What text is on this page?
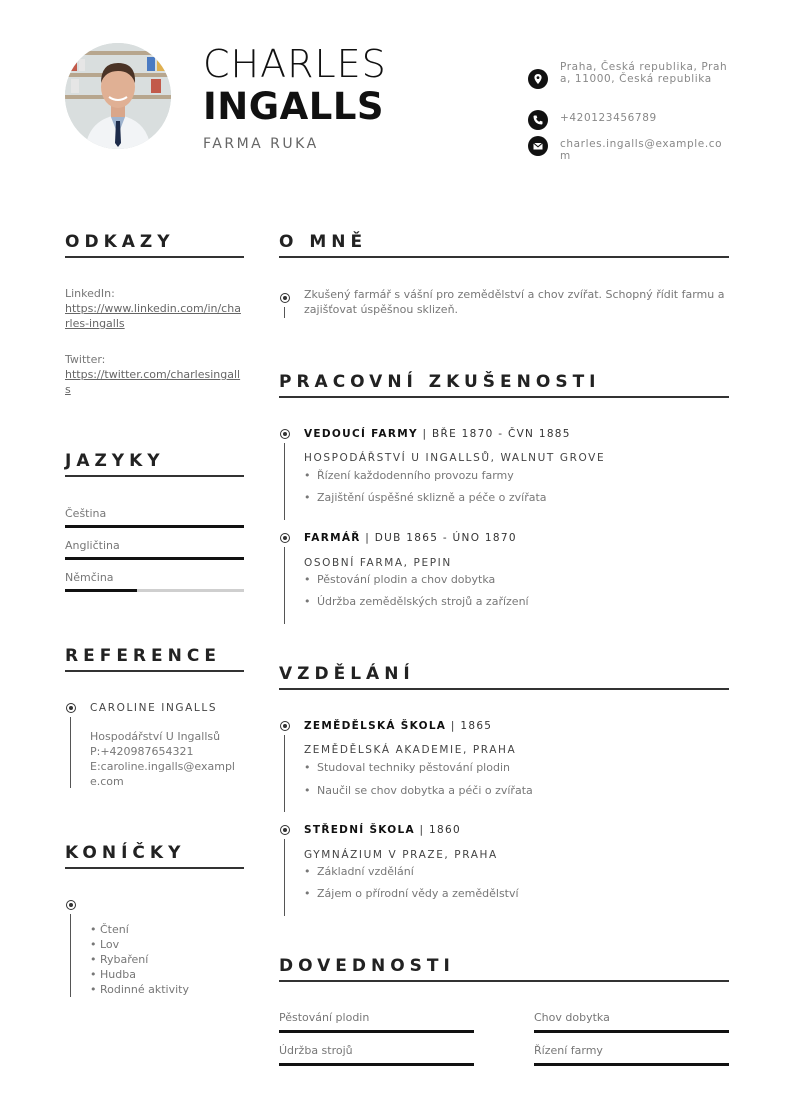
CHARLES
INGALLS
FARMA RUKA
Praha, Česká republika, Praha, 11000, Česká republika
+420123456789
charles.ingalls@example.com
ODKAZY
LinkedIn:
https://www.linkedin.com/in/charles-ingalls
Twitter:
https://twitter.com/charlesingalls
JAZYKY
Čeština
Angličtina
Němčina
REFERENCE
CAROLINE INGALLS
Hospodářství U Ingallsů
P:+420987654321
E:caroline.ingalls@example.com
KONÍČKY
• Čtení
• Lov
• Rybaření
• Hudba
• Rodinné aktivity
O MNĚ
Zkušený farmář s vášní pro zemědělství a chov zvířat. Schopný řídit farmu a zajišťovat úspěšnou sklizeň.
PRACOVNÍ ZKUŠENOSTI
VEDOUCÍ FARMY | BŘE 1870 - ČVN 1885
HOSPODÁŘSTVÍ U INGALLSŮ, WALNUT GROVE
• Řízení každodenního provozu farmy
• Zajištění úspěšné sklizně a péče o zvířata
FARMÁŘ | DUB 1865 - ÚNO 1870
OSOBNÍ FARMA, PEPIN
• Pěstování plodin a chov dobytka
• Údržba zemědělských strojů a zařízení
VZDĚLÁNÍ
ZEMĚDĚLSKÁ ŠKOLA | 1865
ZEMĚDĚLSKÁ AKADEMIE, PRAHA
• Studoval techniky pěstování plodin
• Naučil se chov dobytka a péči o zvířata
STŘEDNÍ ŠKOLA | 1860
GYMNÁZIUM V PRAZE, PRAHA
• Základní vzdělání
• Zájem o přírodní vědy a zemědělství
DOVEDNOSTI
Pěstování plodin	Chov dobytka
Údržba strojů	Řízení farmy
